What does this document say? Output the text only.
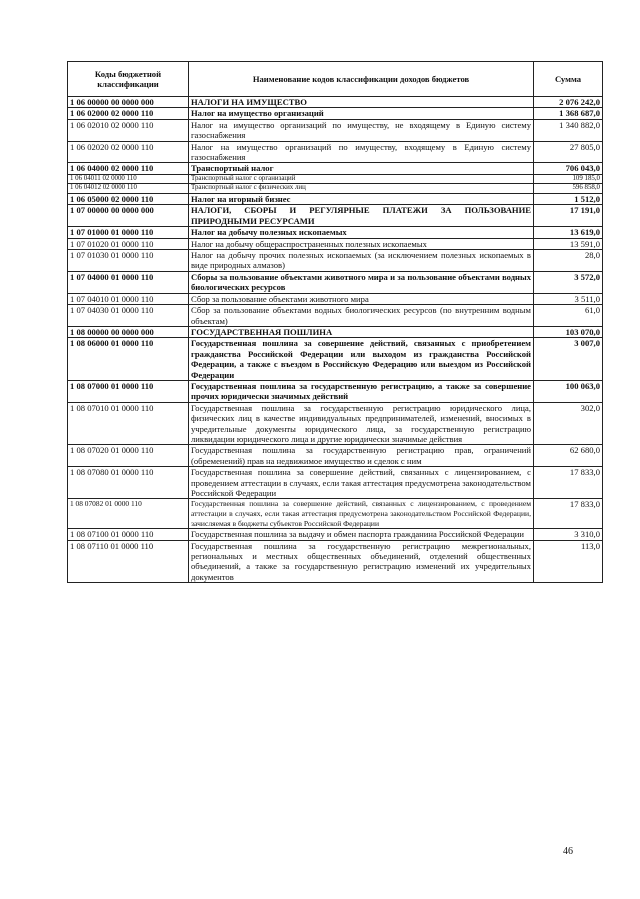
Коды бюджетной классификации	Наименование кодов классификации доходов бюджетов	Сумма
1 06 00000 00 0000 000	НАЛОГИ НА ИМУЩЕСТВО	2 076 242,0
1 06 02000 02 0000 110	Налог на имущество организаций	1 368 687,0
1 06 02010 02 0000 110	Налог на имущество организаций по имуществу, не входящему в Единую систему газоснабжения	1 340 882,0
1 06 02020 02 0000 110	Налог на имущество организаций по имуществу, входящему в Единую систему газоснабжения	27 805,0
1 06 04000 02 0000 110	Транспортный налог	706 043,0
1 06 04011 02 0000 110	Транспортный налог с организаций	109 185,0
1 06 04012 02 0000 110	Транспортный налог с физических лиц	596 858,0
1 06 05000 02 0000 110	Налог на игорный бизнес	1 512,0
1 07 00000 00 0000 000	НАЛОГИ, СБОРЫ И РЕГУЛЯРНЫЕ ПЛАТЕЖИ ЗА ПОЛЬЗОВАНИЕ ПРИРОДНЫМИ РЕСУРСАМИ	17 191,0
1 07 01000 01 0000 110	Налог на добычу полезных ископаемых	13 619,0
1 07 01020 01 0000 110	Налог на добычу общераспространенных полезных ископаемых	13 591,0
1 07 01030 01 0000 110	Налог на добычу прочих полезных ископаемых (за исключением полезных ископаемых в виде природных алмазов)	28,0
1 07 04000 01 0000 110	Сборы за пользование объектами животного мира и за пользование объектами водных биологических ресурсов	3 572,0
1 07 04010 01 0000 110	Сбор за пользование объектами животного мира	3 511,0
1 07 04030 01 0000 110	Сбор за пользование объектами водных биологических ресурсов (по внутренним водным объектам)	61,0
1 08 00000 00 0000 000	ГОСУДАРСТВЕННАЯ ПОШЛИНА	103 070,0
1 08 06000 01 0000 110	Государственная пошлина за совершение действий, связанных с приобретением гражданства Российской Федерации или выходом из гражданства Российской Федерации, а также с въездом в Российскую Федерацию или выездом из Российской Федерации	3 007,0
1 08 07000 01 0000 110	Государственная пошлина за государственную регистрацию, а также за совершение прочих юридически значимых действий	100 063,0
1 08 07010 01 0000 110	Государственная пошлина за государственную регистрацию юридического лица, физических лиц в качестве индивидуальных предпринимателей, изменений, вносимых в учредительные документы юридического лица, за государственную регистрацию ликвидации юридического лица и другие юридически значимые действия	302,0
1 08 07020 01 0000 110	Государственная пошлина за государственную регистрацию прав, ограничений (обременений) прав на недвижимое имущество и сделок с ним	62 680,0
1 08 07080 01 0000 110	Государственная пошлина за совершение действий, связанных с лицензированием, с проведением аттестации в случаях, если такая аттестация предусмотрена законодательством Российской Федерации	17 833,0
1 08 07082 01 0000 110	Государственная пошлина за совершение действий, связанных с лицензированием, с проведением аттестации в случаях, если такая аттестация предусмотрена законодательством Российской Федерации, зачисляемая в бюджеты субъектов Российской Федерации	17 833,0
1 08 07100 01 0000 110	Государственная пошлина за выдачу и обмен паспорта гражданина Российской Федерации	3 310,0
1 08 07110 01 0000 110	Государственная пошлина за государственную регистрацию межрегиональных, региональных и местных общественных объединений, отделений общественных объединений, а также за государственную регистрацию изменений их учредительных документов	113,0
46
